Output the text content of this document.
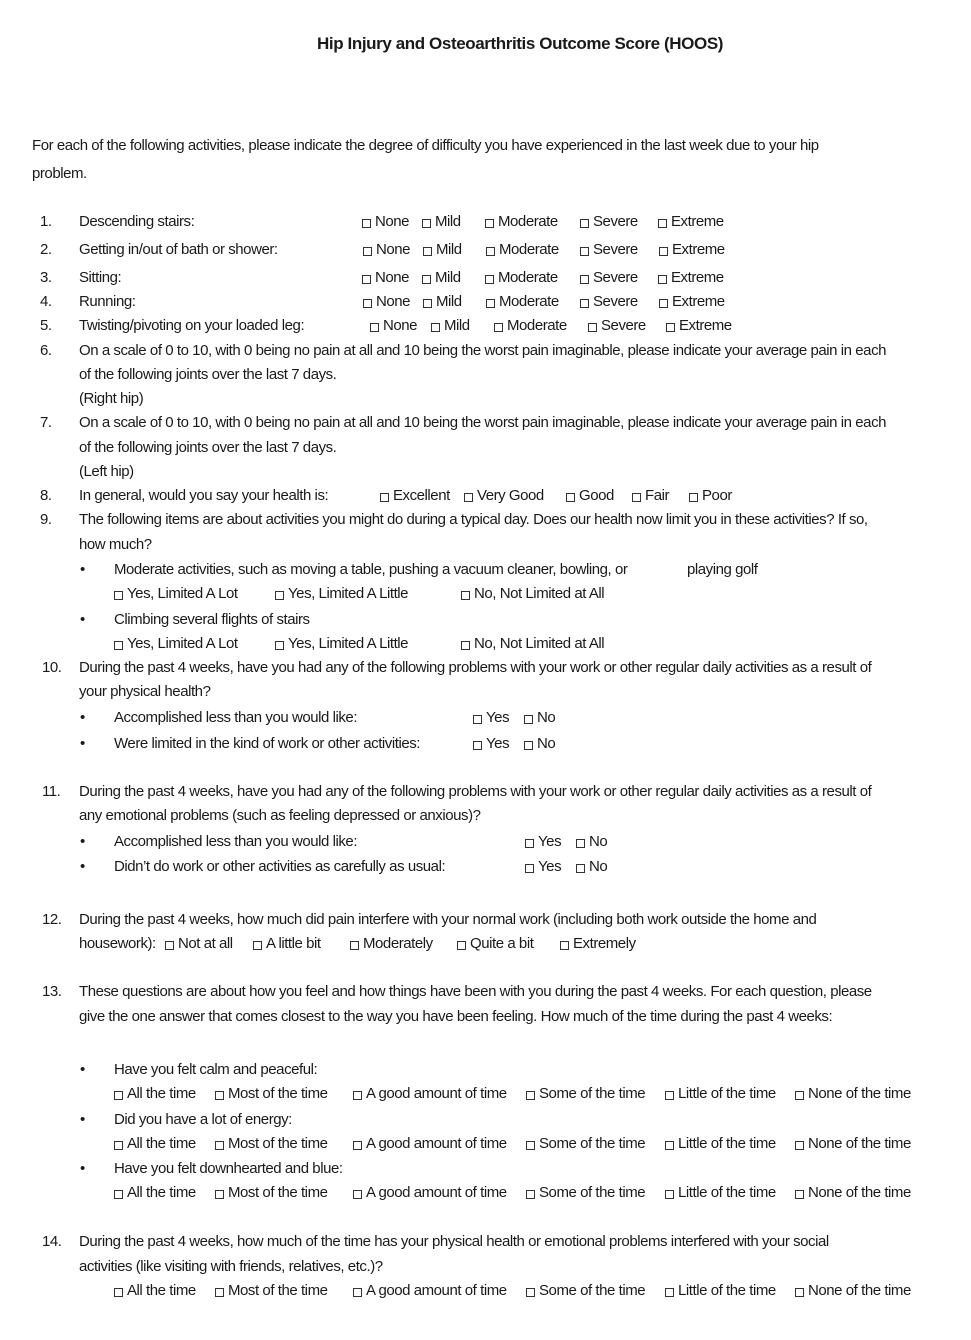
Hip Injury and Osteoarthritis Outcome Score (HOOS)
For each of the following activities, please indicate the degree of difficulty you have experienced in the last week due to your hip
problem.
1. Descending stairs:	None Mild Moderate Severe Extreme
2. Getting in/out of bath or shower:	None Mild Moderate Severe Extreme
3. Sitting:	None Mild Moderate Severe Extreme
4. Running:	None Mild Moderate Severe Extreme
5. Twisting/pivoting on your loaded leg:	None Mild Moderate Severe Extreme
6. On a scale of 0 to 10, with 0 being no pain at all and 10 being the worst pain imaginable, please indicate your average pain in each
of the following joints over the last 7 days.
(Right hip)
7. On a scale of 0 to 10, with 0 being no pain at all and 10 being the worst pain imaginable, please indicate your average pain in each
of the following joints over the last 7 days.
(Left hip)
8. In general, would you say your health is:	Excellent Very Good Good Fair Poor
9. The following items are about activities you might do during a typical day. Does our health now limit you in these activities? If so,
how much?
• Moderate activities, such as moving a table, pushing a vacuum cleaner, bowling, or	playing golf
Yes, Limited A Lot	Yes, Limited A Little	No, Not Limited at All
• Climbing several flights of stairs
Yes, Limited A Lot	Yes, Limited A Little	No, Not Limited at All
10. During the past 4 weeks, have you had any of the following problems with your work or other regular daily activities as a result of
your physical health?
• Accomplished less than you would like:	Yes No
• Were limited in the kind of work or other activities:	Yes No
11. During the past 4 weeks, have you had any of the following problems with your work or other regular daily activities as a result of
any emotional problems (such as feeling depressed or anxious)?
• Accomplished less than you would like:	Yes No
• Didn’t do work or other activities as carefully as usual:	Yes No
12. During the past 4 weeks, how much did pain interfere with your normal work (including both work outside the home and
housework): Not at all A little bit	Moderately Quite a bit	Extremely
13. These questions are about how you feel and how things have been with you during the past 4 weeks. For each question, please
give the one answer that comes closest to the way you have been feeling. How much of the time during the past 4 weeks:
• Have you felt calm and peaceful:
All the time Most of the time	A good amount of time Some of the time Little of the time None of the time
• Did you have a lot of energy:
All the time Most of the time	A good amount of time Some of the time Little of the time None of the time
• Have you felt downhearted and blue:
All the time Most of the time	A good amount of time Some of the time Little of the time None of the time
14. During the past 4 weeks, how much of the time has your physical health or emotional problems interfered with your social
activities (like visiting with friends, relatives, etc.)?
All the time Most of the time	A good amount of time Some of the time Little of the time None of the time
